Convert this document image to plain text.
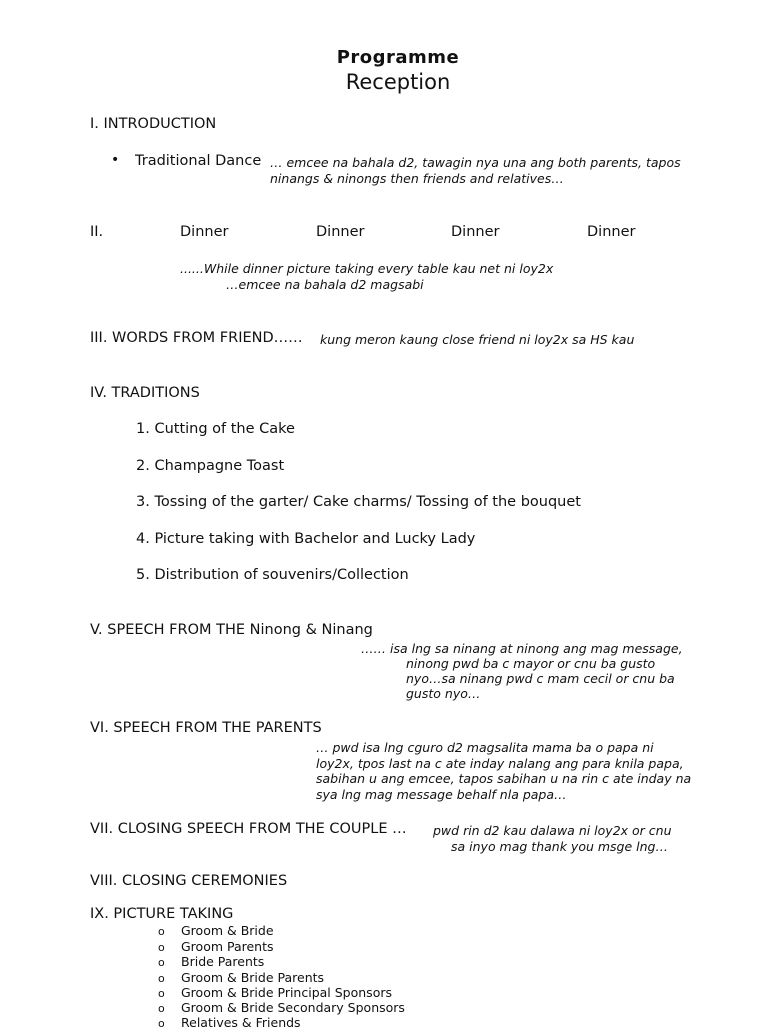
Programme
Reception
I. INTRODUCTION
• Traditional Dance … emcee na bahala d2, tawagin nya una ang both parents, tapos
ninangs & ninongs then friends and relatives…
II.	Dinner	Dinner	Dinner	Dinner
......While dinner picture taking every table kau net ni loy2x
…emcee na bahala d2 magsabi
III. WORDS FROM FRIEND…… kung meron kaung close friend ni loy2x sa HS kau
IV. TRADITIONS
1. Cutting of the Cake
2. Champagne Toast
3. Tossing of the garter/ Cake charms/ Tossing of the bouquet
4. Picture taking with Bachelor and Lucky Lady
5. Distribution of souvenirs/Collection
V. SPEECH FROM THE Ninong & Ninang
…… isa lng sa ninang at ninong ang mag message,
ninong pwd ba c mayor or cnu ba gusto
nyo…sa ninang pwd c mam cecil or cnu ba
gusto nyo…
VI. SPEECH FROM THE PARENTS
… pwd isa lng cguro d2 magsalita mama ba o papa ni
loy2x, tpos last na c ate inday nalang ang para knila papa,
sabihan u ang emcee, tapos sabihan u na rin c ate inday na
sya lng mag message behalf nla papa…
VII. CLOSING SPEECH FROM THE COUPLE … pwd rin d2 kau dalawa ni loy2x or cnu
sa inyo mag thank you msge lng…
VIII. CLOSING CEREMONIES
IX. PICTURE TAKING
o Groom & Bride
o Groom Parents
o Bride Parents
o Groom & Bride Parents
o Groom & Bride Principal Sponsors
o Groom & Bride Secondary Sponsors
o Relatives & Friends
